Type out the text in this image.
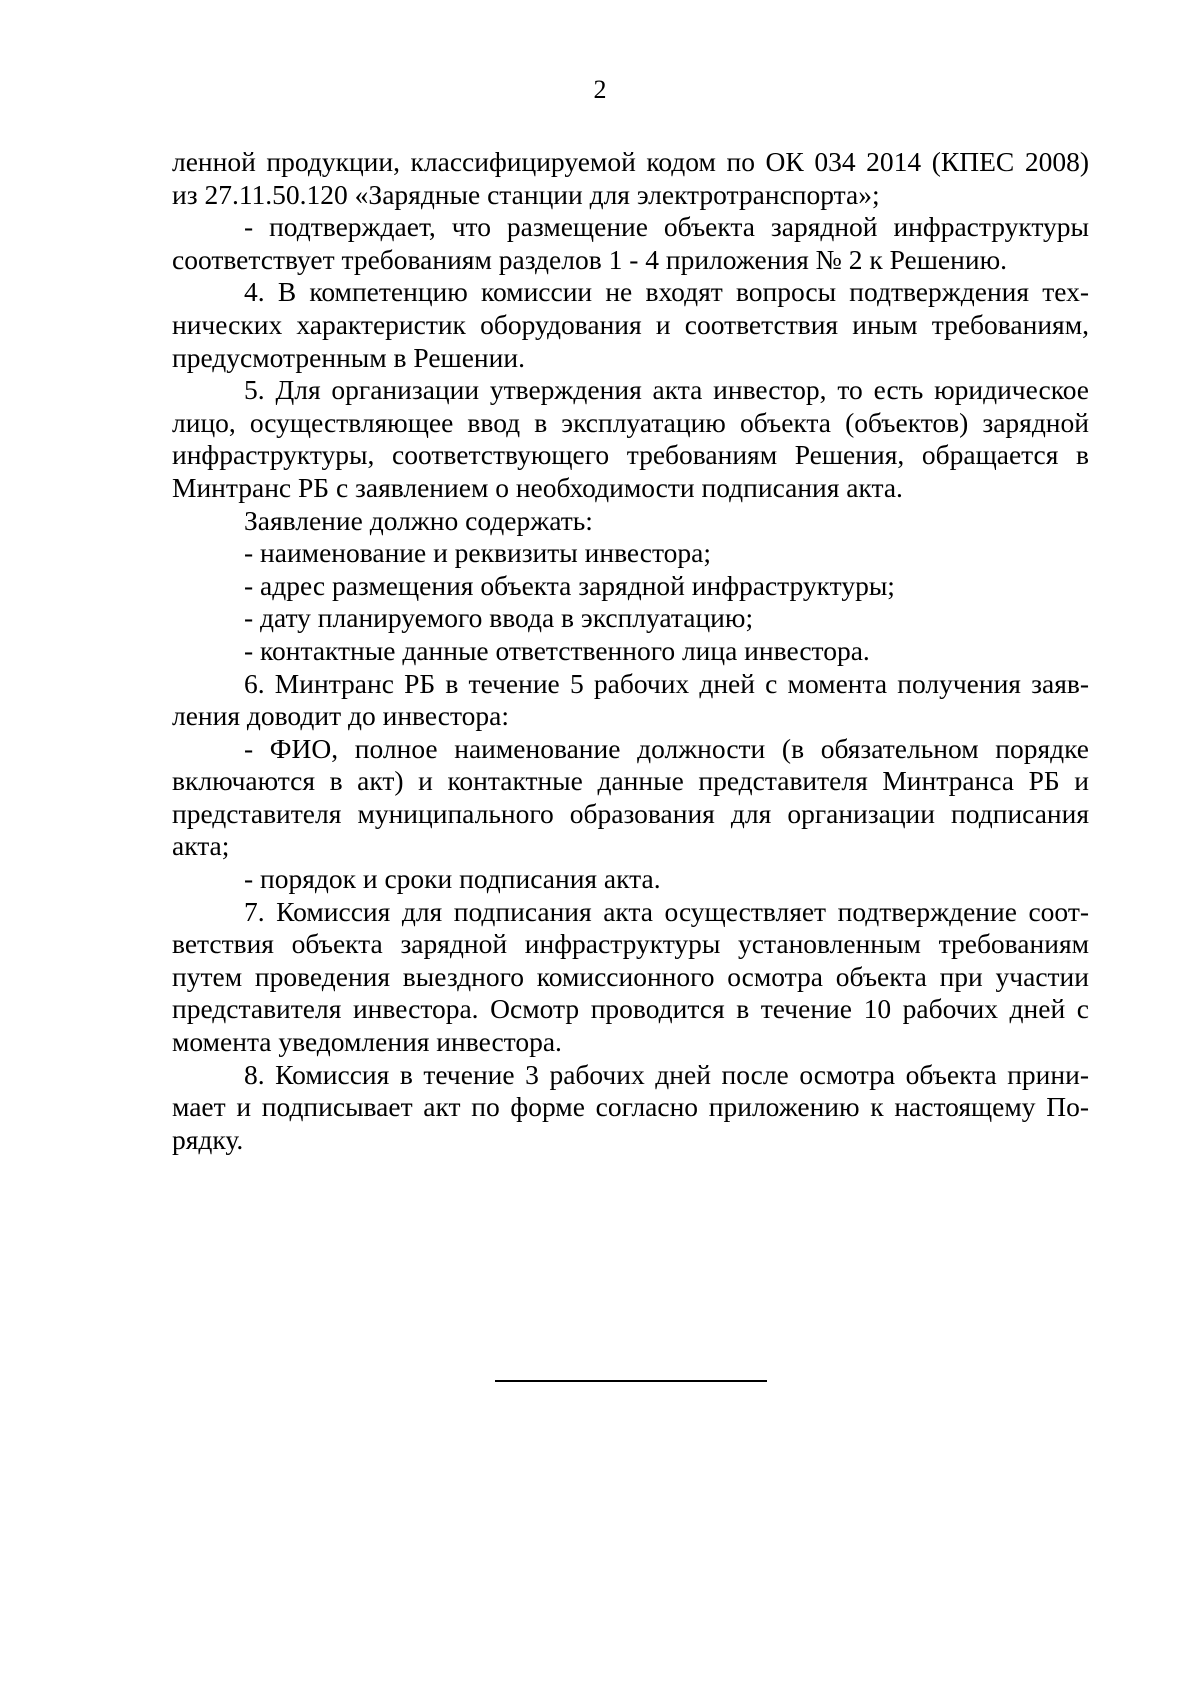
2
ленной продукции, классифицируемой кодом по ОК 034 2014 (КПЕС 2008)
из 27.11.50.120 «Зарядные станции для электротранспорта»;
- подтверждает, что размещение объекта зарядной инфраструктуры
соответствует требованиям разделов 1 - 4 приложения № 2 к Решению.
4. В компетенцию комиссии не входят вопросы подтверждения тех-
нических характеристик оборудования и соответствия иным требованиям,
предусмотренным в Решении.
5. Для организации утверждения акта инвестор, то есть юридическое
лицо, осуществляющее ввод в эксплуатацию объекта (объектов) зарядной
инфраструктуры, соответствующего требованиям Решения, обращается в
Минтранс РБ с заявлением о необходимости подписания акта.
Заявление должно содержать:
- наименование и реквизиты инвестора;
- адрес размещения объекта зарядной инфраструктуры;
- дату планируемого ввода в эксплуатацию;
- контактные данные ответственного лица инвестора.
6. Минтранс РБ в течение 5 рабочих дней с момента получения заяв-
ления доводит до инвестора:
- ФИО, полное наименование должности (в обязательном порядке
включаются в акт) и контактные данные представителя Минтранса РБ и
представителя муниципального образования для организации подписания
акта;
- порядок и сроки подписания акта.
7. Комиссия для подписания акта осуществляет подтверждение соот-
ветствия объекта зарядной инфраструктуры установленным требованиям
путем проведения выездного комиссионного осмотра объекта при участии
представителя инвестора. Осмотр проводится в течение 10 рабочих дней с
момента уведомления инвестора.
8. Комиссия в течение 3 рабочих дней после осмотра объекта прини-
мает и подписывает акт по форме согласно приложению к настоящему По-
рядку.
